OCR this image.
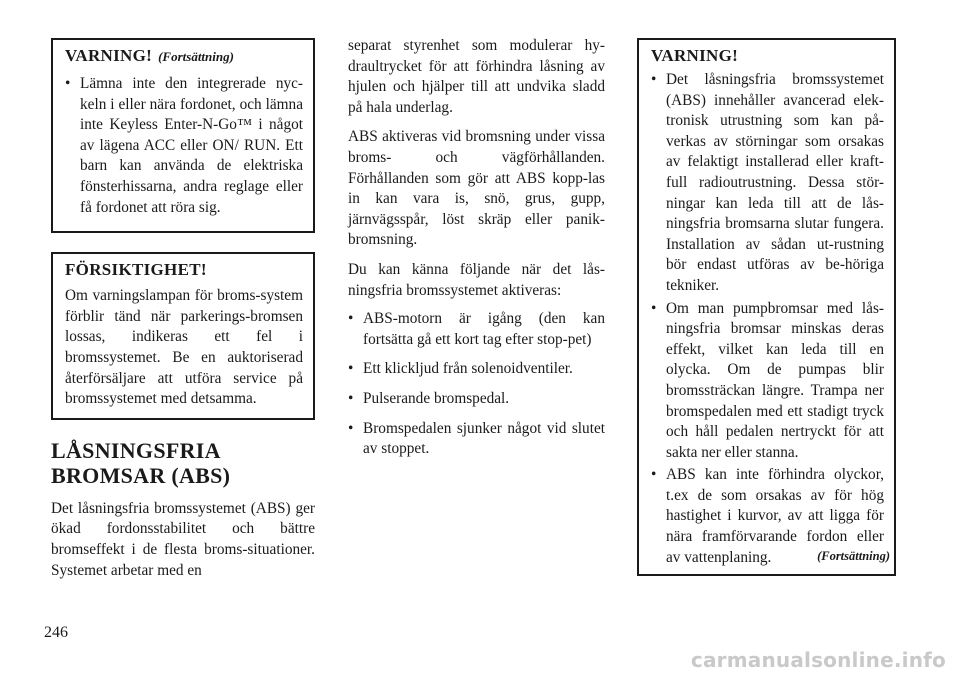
VARNING! (Fortsättning)
• Lämna inte den integrerade nyc-keln i eller nära fordonet, och lämna inte Keyless Enter-N-Go™ i något av lägena ACC eller ON/ RUN. Ett barn kan använda de elektriska fönsterhissarna, andra reglage eller få fordonet att röra sig.
FÖRSIKTIGHET!

Om varningslampan för broms-system förblir tänd när parkerings-bromsen lossas, indikeras ett fel i bromssystemet. Be en auktoriserad återförsäljare att utföra service på bromssystemet med detsamma.

LÅSNINGSFRIA
BROMSAR (ABS)

Det låsningsfria bromssystemet (ABS) ger ökad fordonsstabilitet och bättre bromseffekt i de flesta broms-situationer. Systemet arbetar med en

separat styrenhet som modulerar hy-draultrycket för att förhindra låsning av hjulen och hjälper till att undvika sladd på hala underlag.

ABS aktiveras vid bromsning under vissa broms- och vägförhållanden. Förhållanden som gör att ABS kopp-las in kan vara is, snö, grus, gupp, järnvägsspår, löst skräp eller panik-bromsning.

Du kan känna följande när det lås-ningsfria bromssystemet aktiveras:

• ABS-motorn är igång (den kan fortsätta gå ett kort tag efter stop-pet)
• Ett klickljud från solenoidventiler.
• Pulserande bromspedal.
• Bromspedalen sjunker något vid slutet av stoppet.
VARNING!
• Det låsningsfria bromssystemet (ABS) innehåller avancerad elek-tronisk utrustning som kan på-verkas av störningar som orsakas av felaktigt installerad eller kraft-full radioutrustning. Dessa stör-ningar kan leda till att de lås-ningsfria bromsarna slutar fungera. Installation av sådan ut-rustning bör endast utföras av be-höriga tekniker.
• Om man pumpbromsar med lås-ningsfria bromsar minskas deras effekt, vilket kan leda till en olycka. Om de pumpas blir bromssträckan längre. Trampa ner bromspedalen med ett stadigt tryck och håll pedalen nertryckt för att sakta ner eller stanna.
• ABS kan inte förhindra olyckor, t.ex de som orsakas av för hög hastighet i kurvor, av att ligga för nära framförvarande fordon eller av vattenplaning.	(Fortsättning)
246
carmanualsonline.info
